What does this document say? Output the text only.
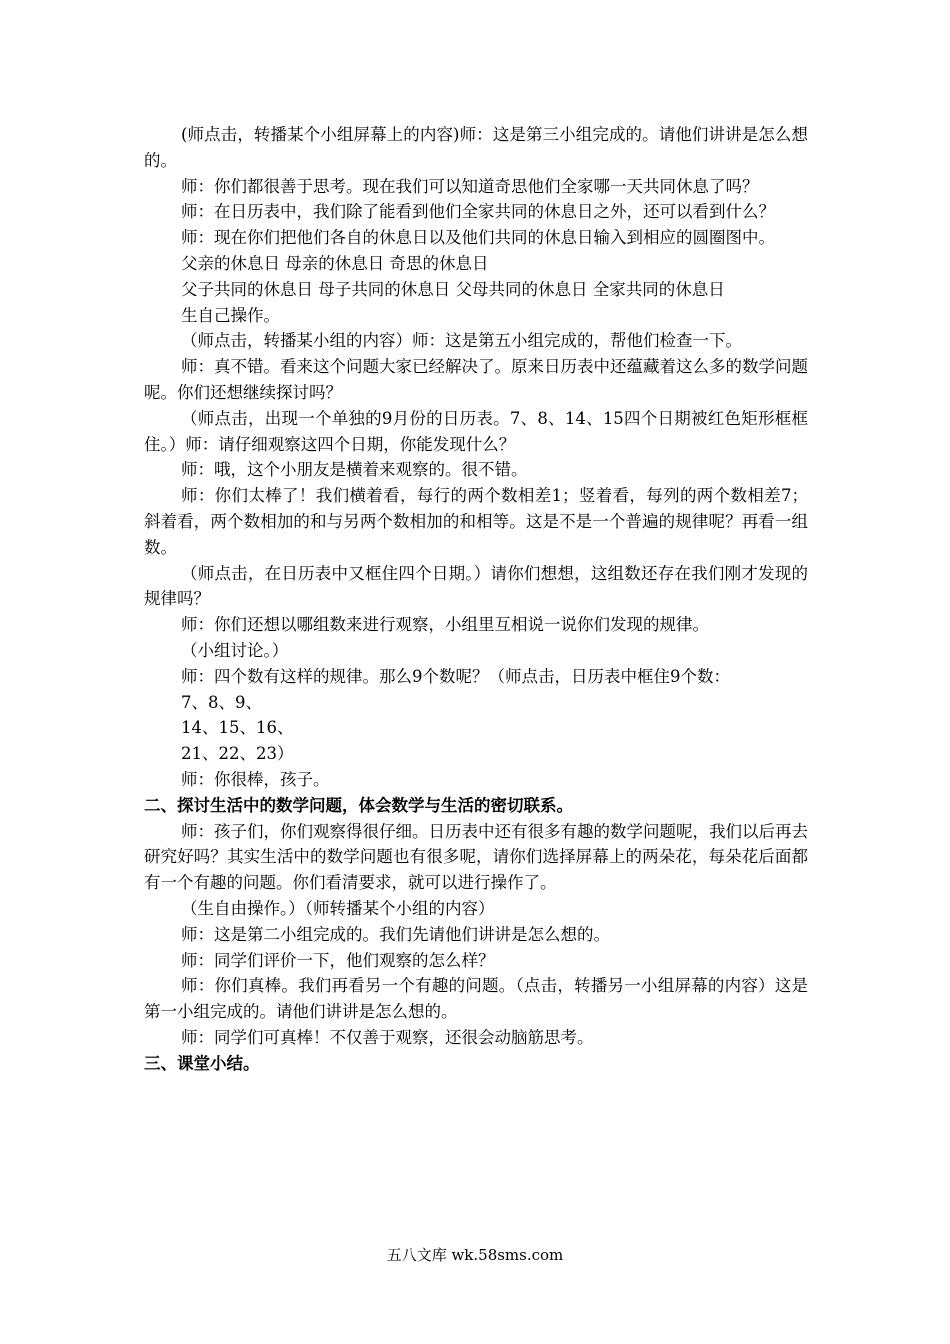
(师点击，转播某个小组屏幕上的内容)师：这是第三小组完成的。请他们讲讲是怎么想的。

师：你们都很善于思考。现在我们可以知道奇思他们全家哪一天共同休息了吗？

师：在日历表中，我们除了能看到他们全家共同的休息日之外，还可以看到什么？

师：现在你们把他们各自的休息日以及他们共同的休息日输入到相应的圆圈图中。

父亲的休息日 母亲的休息日 奇思的休息日

父子共同的休息日 母子共同的休息日 父母共同的休息日 全家共同的休息日

生自己操作。

（师点击，转播某小组的内容）师：这是第五小组完成的，帮他们检查一下。

师：真不错。看来这个问题大家已经解决了。原来日历表中还蕴藏着这么多的数学问题呢。你们还想继续探讨吗？

（师点击，出现一个单独的9月份的日历表。7、8、14、15四个日期被红色矩形框框住。）师：请仔细观察这四个日期，你能发现什么？

师：哦，这个小朋友是横着来观察的。很不错。

师：你们太棒了！我们横着看，每行的两个数相差1；竖着看，每列的两个数相差7；斜着看，两个数相加的和与另两个数相加的和相等。这是不是一个普遍的规律呢？再看一组数。

（师点击，在日历表中又框住四个日期。）请你们想想，这组数还存在我们刚才发现的规律吗？

师：你们还想以哪组数来进行观察，小组里互相说一说你们发现的规律。

（小组讨论。）

师：四个数有这样的规律。那么9个数呢？（师点击，日历表中框住9个数：

7、8、9、

14、15、16、

21、22、23）

师：你很棒，孩子。

二、探讨生活中的数学问题，体会数学与生活的密切联系。

师：孩子们，你们观察得很仔细。日历表中还有很多有趣的数学问题呢，我们以后再去研究好吗？其实生活中的数学问题也有很多呢，请你们选择屏幕上的两朵花，每朵花后面都有一个有趣的问题。你们看清要求，就可以进行操作了。

（生自由操作。）（师转播某个小组的内容）

师：这是第二小组完成的。我们先请他们讲讲是怎么想的。

师：同学们评价一下，他们观察的怎么样？

师：你们真棒。我们再看另一个有趣的问题。（点击，转播另一小组屏幕的内容）这是第一小组完成的。请他们讲讲是怎么想的。

师：同学们可真棒！不仅善于观察，还很会动脑筋思考。

三、课堂小结。

五八文库 wk.58sms.com
